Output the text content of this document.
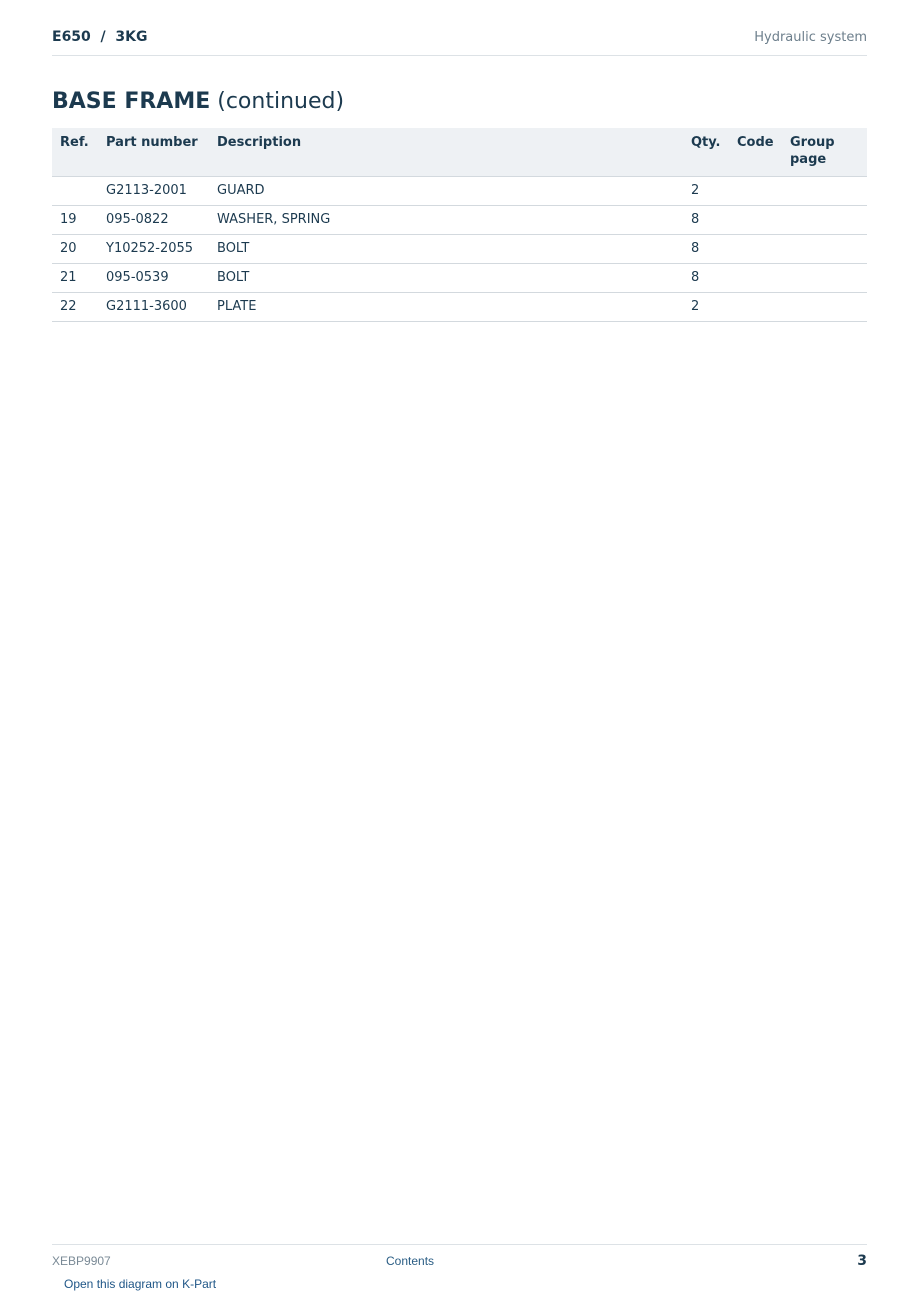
E650  /  3KG	Hydraulic system
BASE FRAME (continued)
Ref.	Part number	Description	Qty.	Code	Group page
	G2113-2001	GUARD	2		
19	095-0822	WASHER, SPRING	8		
20	Y10252-2055	BOLT	8		
21	095-0539	BOLT	8		
22	G2111-3600	PLATE	2		
XEBP9907	Contents	3
Open this diagram on K-Part
